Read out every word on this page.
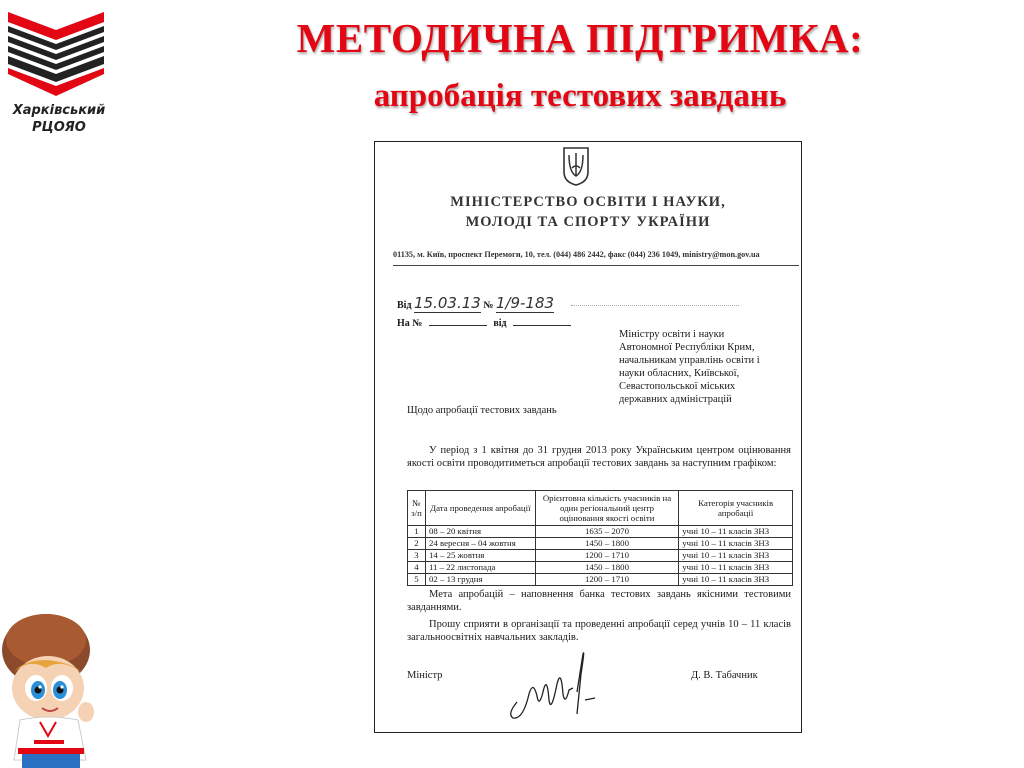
Харківський
РЦОЯО
МЕТОДИЧНА ПІДТРИМКА:
апробація тестових завдань
МІНІСТЕРСТВО ОСВІТИ І НАУКИ,
МОЛОДІ ТА СПОРТУ УКРАЇНИ
01135, м. Київ, проспект Перемоги, 10, тел. (044) 486 2442, факс (044) 236 1049, ministry@mon.gov.ua
Від 15.03.13 № 1/9-183
На №	від
Міністру освіти і науки
Автономної Республіки Крим,
начальникам управлінь освіти і
науки обласних, Київської,
Севастопольської міських
державних адміністрацій
Щодо апробації тестових завдань
У період з 1 квітня до 31 грудня 2013 року Українським центром оцінювання якості освіти проводитиметься апробації тестових завдань за наступним графіком:
№ з/п	Дата проведення апробації	Орієнтовна кількість учасників на один регіональний центр оцінювання якості освіти	Категорія учасників апробації
1	08 – 20 квітня	1635 – 2070	учні 10 – 11 класів ЗНЗ
2	24 вересня – 04 жовтня	1450 – 1800	учні 10 – 11 класів ЗНЗ
3	14 – 25 жовтня	1200 – 1710	учні 10 – 11 класів ЗНЗ
4	11 – 22 листопада	1450 – 1800	учні 10 – 11 класів ЗНЗ
5	02 – 13 грудня	1200 – 1710	учні 10 – 11 класів ЗНЗ
Мета апробацій – наповнення банка тестових завдань якісними тестовими завданнями.
Прошу сприяти в організації та проведенні апробації серед учнів 10 – 11 класів загальноосвітніх навчальних закладів.
Міністр	Д. В. Табачник
